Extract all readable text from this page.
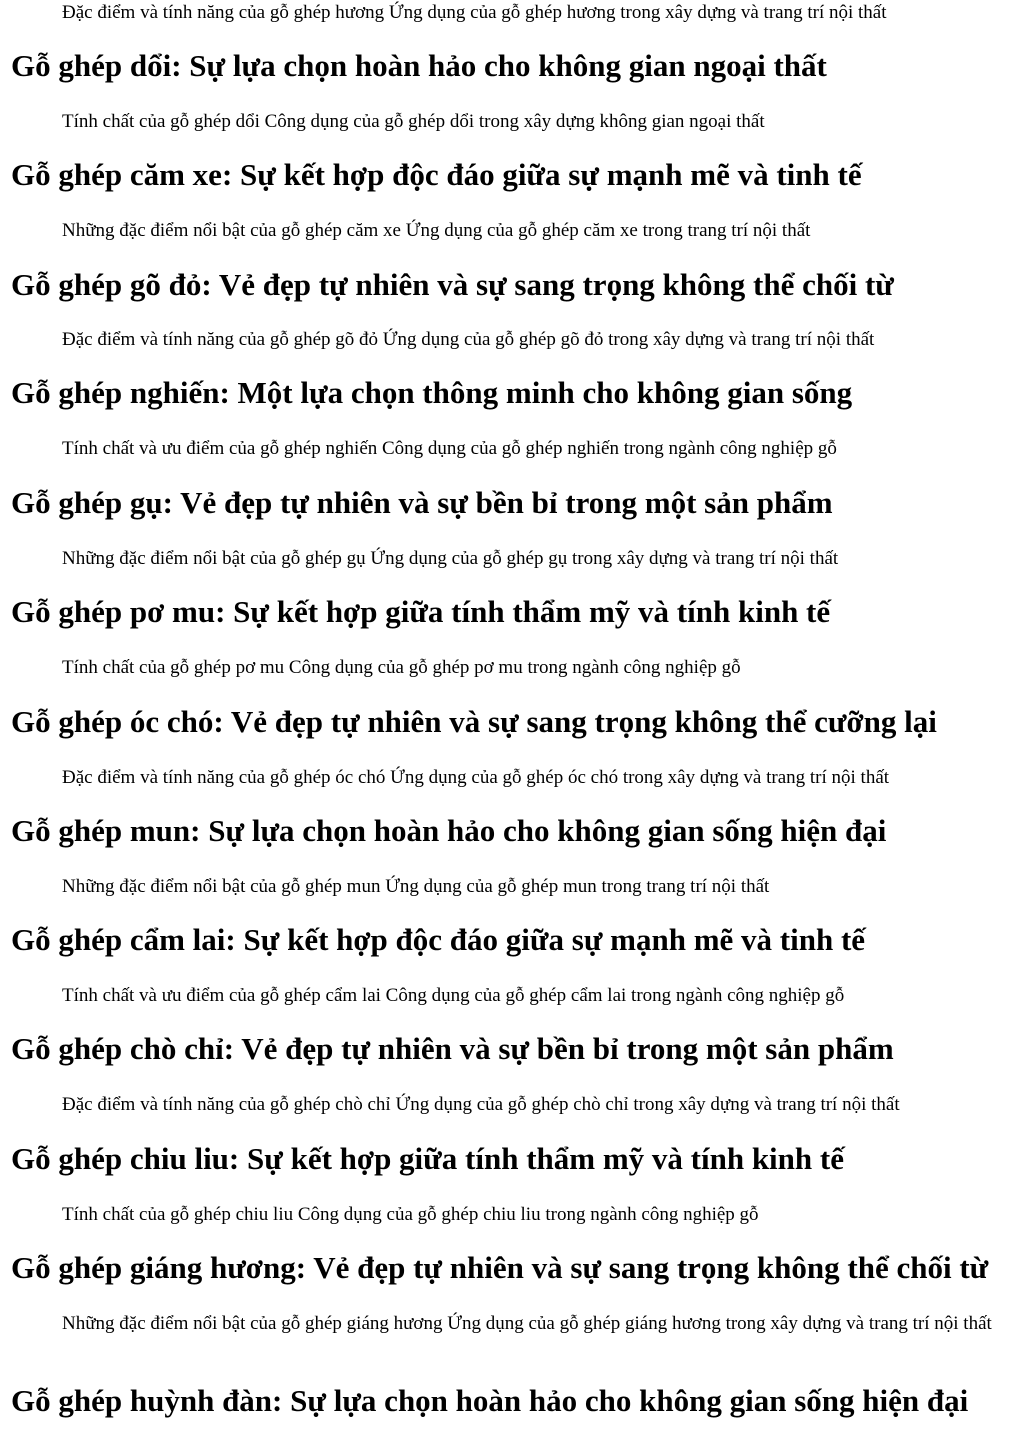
Đặc điểm và tính năng của gỗ ghép hương Ứng dụng của gỗ ghép hương trong xây dựng và trang trí nội thất

Gỗ ghép dổi: Sự lựa chọn hoàn hảo cho không gian ngoại thất

Tính chất của gỗ ghép dổi Công dụng của gỗ ghép dổi trong xây dựng không gian ngoại thất

Gỗ ghép căm xe: Sự kết hợp độc đáo giữa sự mạnh mẽ và tinh tế

Những đặc điểm nổi bật của gỗ ghép căm xe Ứng dụng của gỗ ghép căm xe trong trang trí nội thất

Gỗ ghép gõ đỏ: Vẻ đẹp tự nhiên và sự sang trọng không thể chối từ

Đặc điểm và tính năng của gỗ ghép gõ đỏ Ứng dụng của gỗ ghép gõ đỏ trong xây dựng và trang trí nội thất

Gỗ ghép nghiến: Một lựa chọn thông minh cho không gian sống

Tính chất và ưu điểm của gỗ ghép nghiến Công dụng của gỗ ghép nghiến trong ngành công nghiệp gỗ

Gỗ ghép gụ: Vẻ đẹp tự nhiên và sự bền bỉ trong một sản phẩm

Những đặc điểm nổi bật của gỗ ghép gụ Ứng dụng của gỗ ghép gụ trong xây dựng và trang trí nội thất

Gỗ ghép pơ mu: Sự kết hợp giữa tính thẩm mỹ và tính kinh tế

Tính chất của gỗ ghép pơ mu Công dụng của gỗ ghép pơ mu trong ngành công nghiệp gỗ

Gỗ ghép óc chó: Vẻ đẹp tự nhiên và sự sang trọng không thể cưỡng lại

Đặc điểm và tính năng của gỗ ghép óc chó Ứng dụng của gỗ ghép óc chó trong xây dựng và trang trí nội thất

Gỗ ghép mun: Sự lựa chọn hoàn hảo cho không gian sống hiện đại

Những đặc điểm nổi bật của gỗ ghép mun Ứng dụng của gỗ ghép mun trong trang trí nội thất

Gỗ ghép cẩm lai: Sự kết hợp độc đáo giữa sự mạnh mẽ và tinh tế

Tính chất và ưu điểm của gỗ ghép cẩm lai Công dụng của gỗ ghép cẩm lai trong ngành công nghiệp gỗ

Gỗ ghép chò chỉ: Vẻ đẹp tự nhiên và sự bền bỉ trong một sản phẩm

Đặc điểm và tính năng của gỗ ghép chò chỉ Ứng dụng của gỗ ghép chò chỉ trong xây dựng và trang trí nội thất

Gỗ ghép chiu liu: Sự kết hợp giữa tính thẩm mỹ và tính kinh tế

Tính chất của gỗ ghép chiu liu Công dụng của gỗ ghép chiu liu trong ngành công nghiệp gỗ

Gỗ ghép giáng hương: Vẻ đẹp tự nhiên và sự sang trọng không thể chối từ

Những đặc điểm nổi bật của gỗ ghép giáng hương Ứng dụng của gỗ ghép giáng hương trong xây dựng và trang trí nội thất

Gỗ ghép huỳnh đàn: Sự lựa chọn hoàn hảo cho không gian sống hiện đại
